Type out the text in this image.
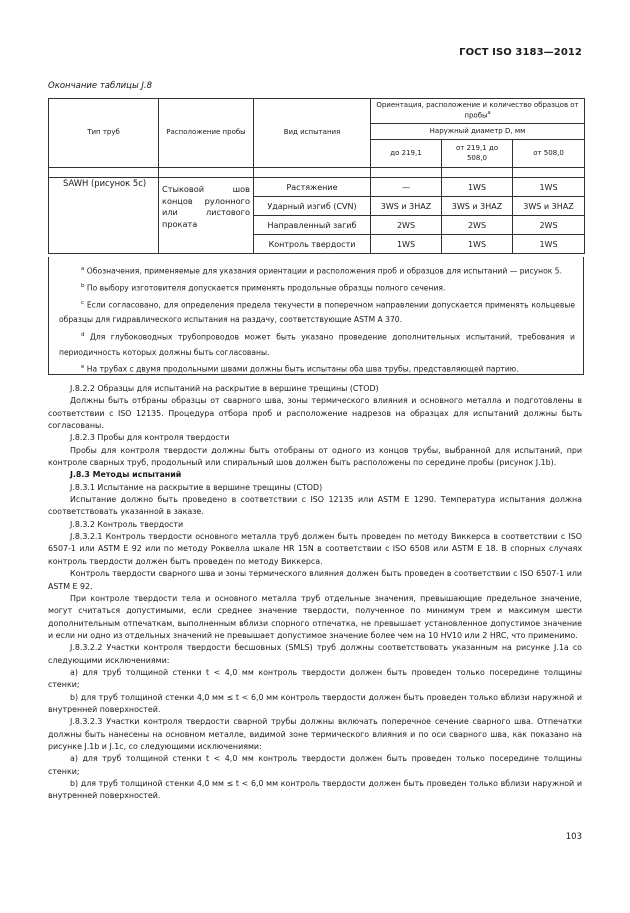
ГОСТ ISO 3183—2012
Окончание таблицы J.8
Тип труб	Расположение пробы	Вид испытания	Ориентация, расположение и количество образцов от пробы$^a$
			Наружный диаметр D, мм		
			до 219,1	от 219,1 до 508,0	от 508,0

SAWH (рисунок 5c)	Стыковой шов концов рулонного или листового проката	Растяжение	—	1WS	1WS
		Ударный изгиб (CVN)	3WS и 3HAZ	3WS и 3HAZ	3WS и 3HAZ
		Направленный загиб	2WS	2WS	2WS
		Контроль твердости	1WS	1WS	1WS

$^a$ Обозначения, применяемые для указания ориентации и расположения проб и образцов для испытаний — рисунок 5.

$^b$ По выбору изготовителя допускается применять продольные образцы полного сечения.

$^c$ Если согласовано, для определения предела текучести в поперечном направлении допускается применять кольцевые образцы для гидравлического испытания на раздачу, соответствующие ASTM A 370.

$^d$ Для глубоководных трубопроводов может быть указано проведение дополнительных испытаний, требования и периодичность которых должны быть согласованы.

$^e$ На трубах с двумя продольными швами должны быть испытаны оба шва трубы, представляющей партию.

J.8.2.2 Образцы для испытаний на раскрытие в вершине трещины (CTOD)

Должны быть отбраны образцы от сварного шва, зоны термического влияния и основного металла и подготовлены в соответствии с ISO 12135. Процедура отбора проб и расположение надрезов на образцах для испытаний должны быть согласованы.

J.8.2.3 Пробы для контроля твердости

Пробы для контроля твердости должны быть отобраны от одного из концов трубы, выбранной для испытаний, при контроле сварных труб, продольный или спиральный шов должен быть расположены по середине пробы (рисунок J.1b).

J.8.3 Методы испытаний

J.8.3.1 Испытание на раскрытие в вершине трещины (CTOD)

Испытание должно быть проведено в соответствии с ISO 12135 или ASTM E 1290. Температура испытания должна соответствовать указанной в заказе.

J.8.3.2 Контроль твердости

J.8.3.2.1 Контроль твердости основного металла труб должен быть проведен по методу Виккерса в соответствии с ISO 6507-1 или ASTM E 92 или по методу Роквелла шкале HR 15N в соответствии с ISO 6508 или ASTM E 18. В спорных случаях контроль твердости должен быть проведен по методу Виккерса.

Контроль твердости сварного шва и зоны термического влияния должен быть проведен в соответствии с ISO 6507-1 или ASTM E 92.

При контроле твердости тела и основного металла труб отдельные значения, превышающие предельное значение, могут считаться допустимыми, если среднее значение твердости, полученное по минимум трем и максимум шести дополнительным отпечаткам, выполненным вблизи спорного отпечатка, не превышает установленное допустимое значение и если ни одно из отдельных значений не превышает допустимое значение более чем на 10 HV10 или 2 HRC, что применимо.

J.8.3.2.2 Участки контроля твердости бесшовных (SMLS) труб должны соответствовать указанным на рисунке J.1a со следующими исключениями:

a) для труб толщиной стенки t < 4,0 мм контроль твердости должен быть проведен только посередине толщины стенки;

b) для труб толщиной стенки 4,0 мм ≤ t < 6,0 мм контроль твердости должен быть проведен только вблизи наружной и внутренней поверхностей.

J.8.3.2.3 Участки контроля твердости сварной трубы должны включать поперечное сечение сварного шва. Отпечатки должны быть нанесены на основном металле, видимой зоне термического влияния и по оси сварного шва, как показано на рисунке J.1b и J.1c, со следующими исключениями:

a) для труб толщиной стенки t < 4,0 мм контроль твердости должен быть проведен только посередине толщины стенки;

b) для труб толщиной стенки 4,0 мм ≤ t < 6,0 мм контроль твердости должен быть проведен только вблизи наружной и внутренней поверхностей.

103
